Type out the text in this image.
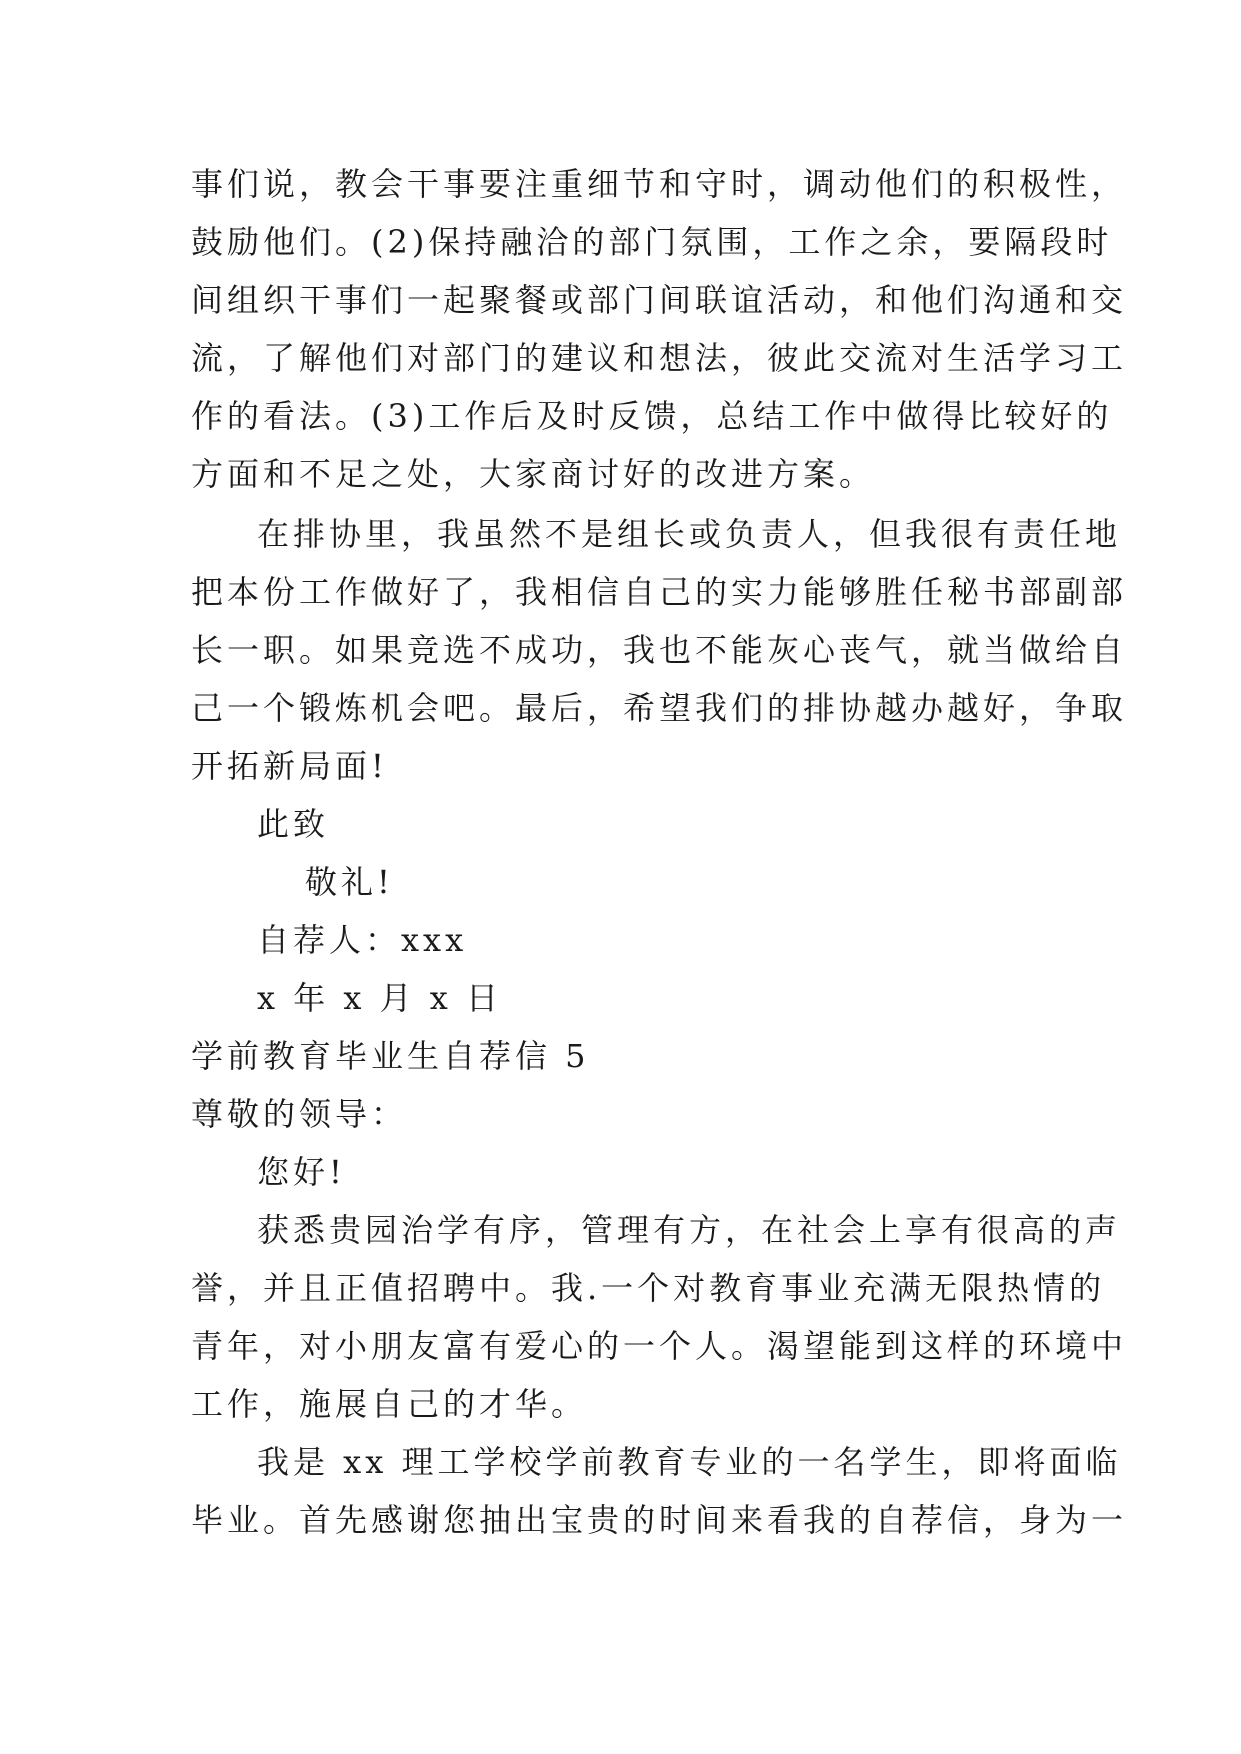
事们说，教会干事要注重细节和守时，调动他们的积极性，
鼓励他们。(2)保持融洽的部门氛围，工作之余，要隔段时
间组织干事们一起聚餐或部门间联谊活动，和他们沟通和交
流，了解他们对部门的建议和想法，彼此交流对生活学习工
作的看法。(3)工作后及时反馈，总结工作中做得比较好的
方面和不足之处，大家商讨好的改进方案。
在排协里，我虽然不是组长或负责人，但我很有责任地
把本份工作做好了，我相信自己的实力能够胜任秘书部副部
长一职。如果竞选不成功，我也不能灰心丧气，就当做给自
己一个锻炼机会吧。最后，希望我们的排协越办越好，争取
开拓新局面!
此致
敬礼!
自荐人：xxx
x 年 x 月 x 日
学前教育毕业生自荐信 5
尊敬的领导：
您好!
获悉贵园治学有序，管理有方，在社会上享有很高的声
誉，并且正值招聘中。我.一个对教育事业充满无限热情的
青年，对小朋友富有爱心的一个人。渴望能到这样的环境中
工作，施展自己的才华。
我是 xx 理工学校学前教育专业的一名学生，即将面临
毕业。首先感谢您抽出宝贵的时间来看我的自荐信，身为一
